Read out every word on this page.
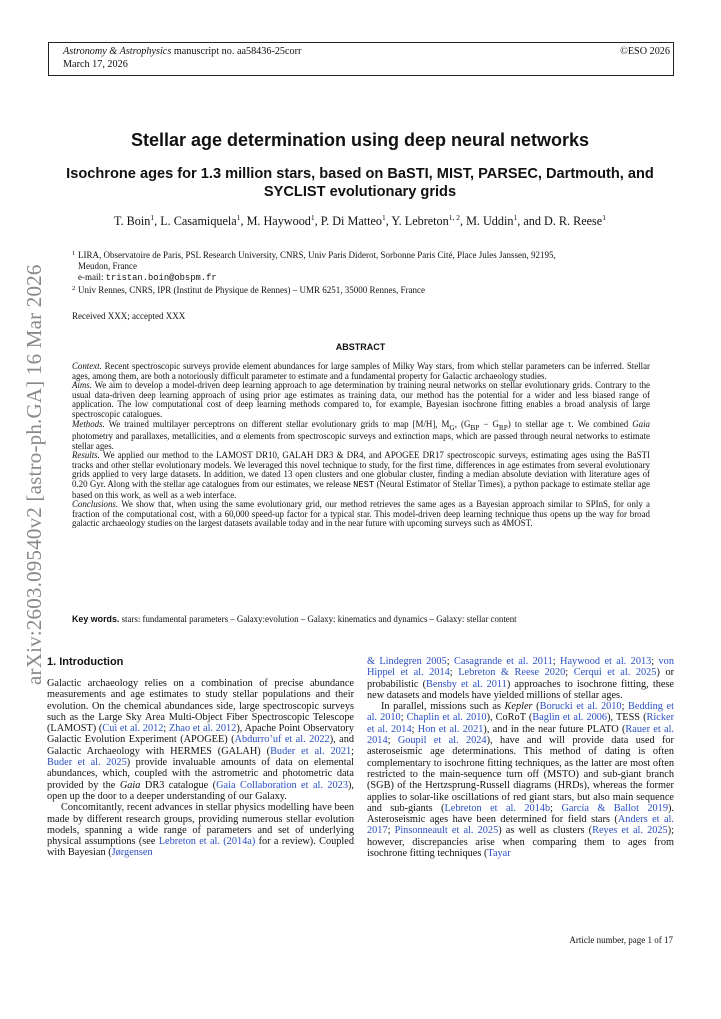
Astronomy & Astrophysics manuscript no. aa58436-25corr
March 17, 2026
©ESO 2026
arXiv:2603.09540v2 [astro-ph.GA] 16 Mar 2026
Stellar age determination using deep neural networks
Isochrone ages for 1.3 million stars, based on BaSTI, MIST, PARSEC, Dartmouth, and SYCLIST evolutionary grids
T. Boin$^1$, L. Casamiquela$^1$, M. Haywood$^1$, P. Di Matteo$^1$, Y. Lebreton$^{1, 2}$, M. Uddin$^1$, and D. R. Reese$^1$
1 LIRA, Observatoire de Paris, PSL Research University, CNRS, Univ Paris Diderot, Sorbonne Paris Cité, Place Jules Janssen, 92195,
Meudon, France
e-mail: tristan.boin@obspm.fr
2 Univ Rennes, CNRS, IPR (Institut de Physique de Rennes) – UMR 6251, 35000 Rennes, France
Received XXX; accepted XXX
ABSTRACT

Context. Recent spectroscopic surveys provide element abundances for large samples of Milky Way stars, from which stellar parameters can be inferred. Stellar ages, among them, are both a notoriously difficult parameter to estimate and a fundamental property for Galactic archaeology studies.

Aims. We aim to develop a model-driven deep learning approach to age determination by training neural networks on stellar evolutionary grids. Contrary to the usual data-driven deep learning approach of using prior age estimates as training data, our method has the potential for a wider and less biased range of application. The low computational cost of deep learning methods compared to, for example, Bayesian isochrone fitting enables a broad analysis of large spectroscopic catalogues.

Methods. We trained multilayer perceptrons on different stellar evolutionary grids to map [M/H], $M_G$, $(G_{BP} - G_{RP})$ to stellar age τ. We combined Gaia photometry and parallaxes, metallicities, and α elements from spectroscopic surveys and extinction maps, which are passed through neural networks to estimate stellar ages.

Results. We applied our method to the LAMOST DR10, GALAH DR3 & DR4, and APOGEE DR17 spectroscopic surveys, estimating ages using the BaSTI tracks and other stellar evolutionary models. We leveraged this novel technique to study, for the first time, differences in age estimates from several evolutionary grids applied to very large datasets. In addition, we dated 13 open clusters and one globular cluster, finding a median absolute deviation with literature ages of 0.20 Gyr. Along with the stellar age catalogues from our estimates, we release NEST (Neural Estimator of Stellar Times), a python package to estimate stellar age based on this work, as well as a web interface.

Conclusions. We show that, when using the same evolutionary grid, our method retrieves the same ages as a Bayesian approach similar to SPInS, for only a fraction of the computational cost, with a 60,000 speed-up factor for a typical star. This model-driven deep learning technique thus opens up the way for broad galactic archaeology studies on the largest datasets available today and in the near future with upcoming surveys such as 4MOST.

Key words. stars: fundamental parameters – Galaxy:evolution – Galaxy: kinematics and dynamics – Galaxy: stellar content
1. Introduction

Galactic archaeology relies on a combination of precise abundance measurements and age estimates to study stellar populations and their evolution. On the chemical abundances side, large spectroscopic surveys such as the Large Sky Area Multi-Object Fiber Spectroscopic Telescope (LAMOST) (Cui et al. 2012; Zhao et al. 2012), Apache Point Observatory Galactic Evolution Experiment (APOGEE) (Abdurro’uf et al. 2022), and Galactic Archaeology with HERMES (GALAH) (Buder et al. 2021; Buder et al. 2025) provide invaluable amounts of data on elemental abundances, which, coupled with the astrometric and photometric data provided by the Gaia DR3 catalogue (Gaia Collaboration et al. 2023), open up the door to a deeper understanding of our Galaxy.

Concomitantly, recent advances in stellar physics modelling have been made by different research groups, providing numerous stellar evolution models, spanning a wide range of parameters and set of underlying physical assumptions (see Lebreton et al. (2014a) for a review). Coupled with Bayesian (Jørgensen

& Lindegren 2005; Casagrande et al. 2011; Haywood et al. 2013; von Hippel et al. 2014; Lebreton & Reese 2020; Cerqui et al. 2025) or probabilistic (Bensby et al. 2011) approaches to isochrone fitting, these new datasets and models have yielded millions of stellar ages.

In parallel, missions such as Kepler (Borucki et al. 2010; Bedding et al. 2010; Chaplin et al. 2010), CoRoT (Baglin et al. 2006), TESS (Ricker et al. 2014; Hon et al. 2021), and in the near future PLATO (Rauer et al. 2014; Goupil et al. 2024), have and will provide data used for asteroseismic age determinations. This method of dating is often complementary to isochrone fitting techniques, as the latter are most often restricted to the main-sequence turn off (MSTO) and sub-giant branch (SGB) of the Hertzsprung-Russell diagrams (HRDs), whereas the former applies to solar-like oscillations of red giant stars, but also main sequence and sub-giants (Lebreton et al. 2014b; García & Ballot 2019). Asteroseismic ages have been determined for field stars (Anders et al. 2017; Pinsonneault et al. 2025) as well as clusters (Reyes et al. 2025); however, discrepancies arise when comparing them to ages from isochrone fitting techniques (Tayar

Article number, page 1 of 17
